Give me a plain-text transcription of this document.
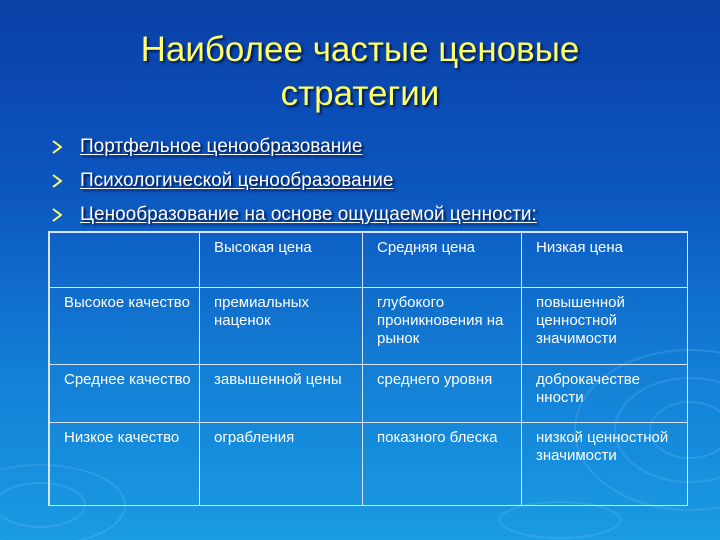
Наиболее частые ценовые
стратегии
Портфельное ценообразование
Психологической ценообразование
Ценообразование на основе ощущаемой ценности:

	Высокая цена	Средняя цена	Низкая цена

Высокое качество	премиальных наценок	глубокого проникновения на рынок	повышенной ценностной значимости

Среднее качество	завышенной цены	среднего уровня	доброкачестве нности

Низкое качество	ограбления	показного блеска	низкой ценностной значимости
